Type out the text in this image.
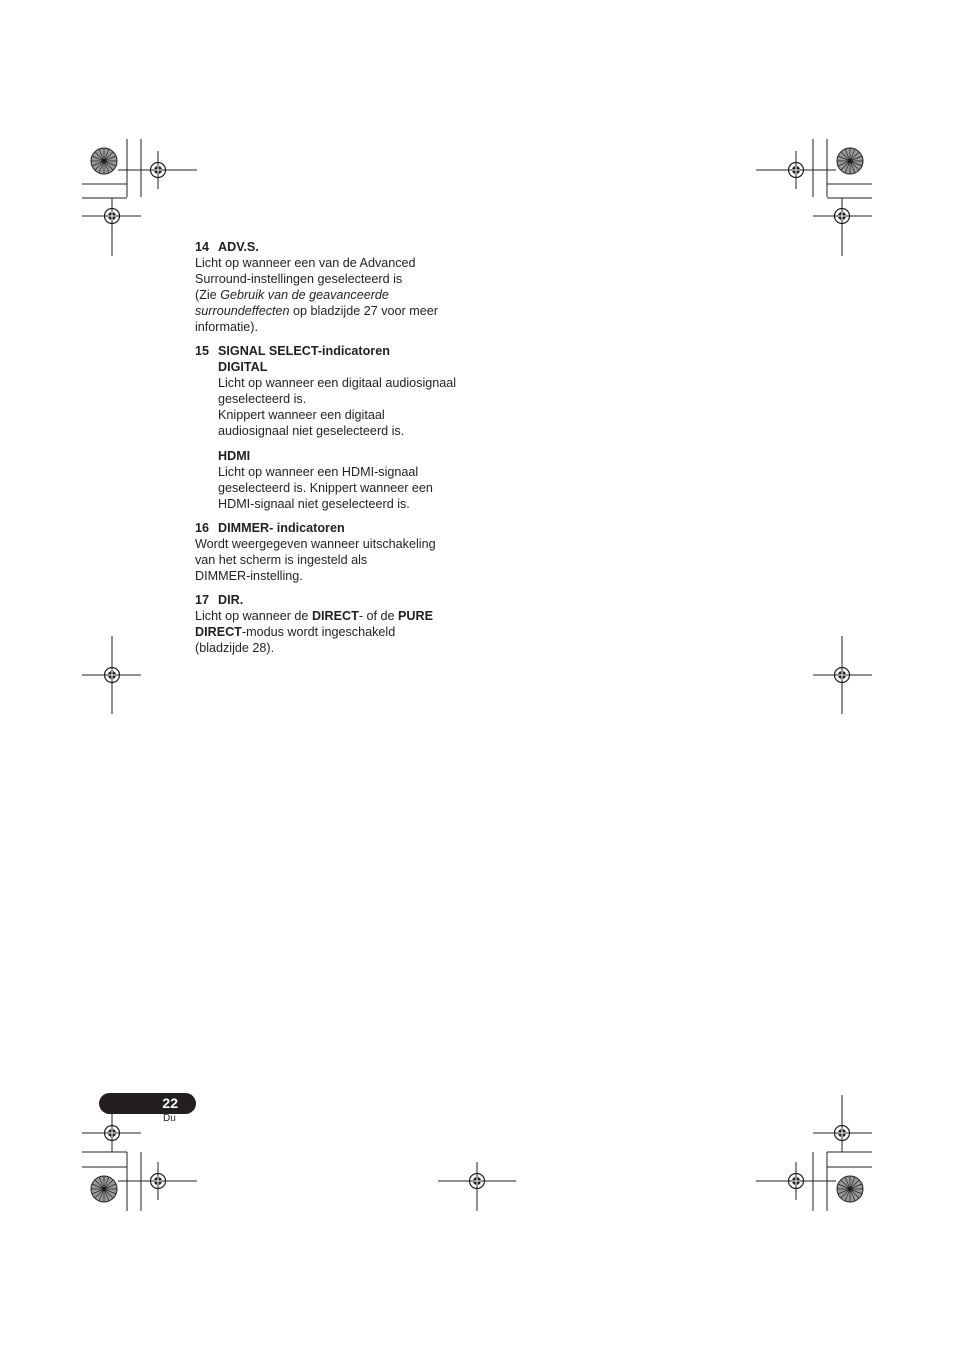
14 ADV.S.

Licht op wanneer een van de Advanced

Surround-instellingen geselecteerd is

(Zie Gebruik van de geavanceerde

surroundeffecten op bladzijde 27 voor meer

informatie).

15 SIGNAL SELECT-indicatoren

DIGITAL

Licht op wanneer een digitaal audiosignaal

geselecteerd is.

Knippert wanneer een digitaal

audiosignaal niet geselecteerd is.

HDMI

Licht op wanneer een HDMI-signaal

geselecteerd is. Knippert wanneer een

HDMI-signaal niet geselecteerd is.

16 DIMMER- indicatoren

Wordt weergegeven wanneer uitschakeling

van het scherm is ingesteld als

DIMMER-instelling.

17 DIR.

Licht op wanneer de DIRECT- of de PURE

DIRECT-modus wordt ingeschakeld

(bladzijde 28).

22
Du
